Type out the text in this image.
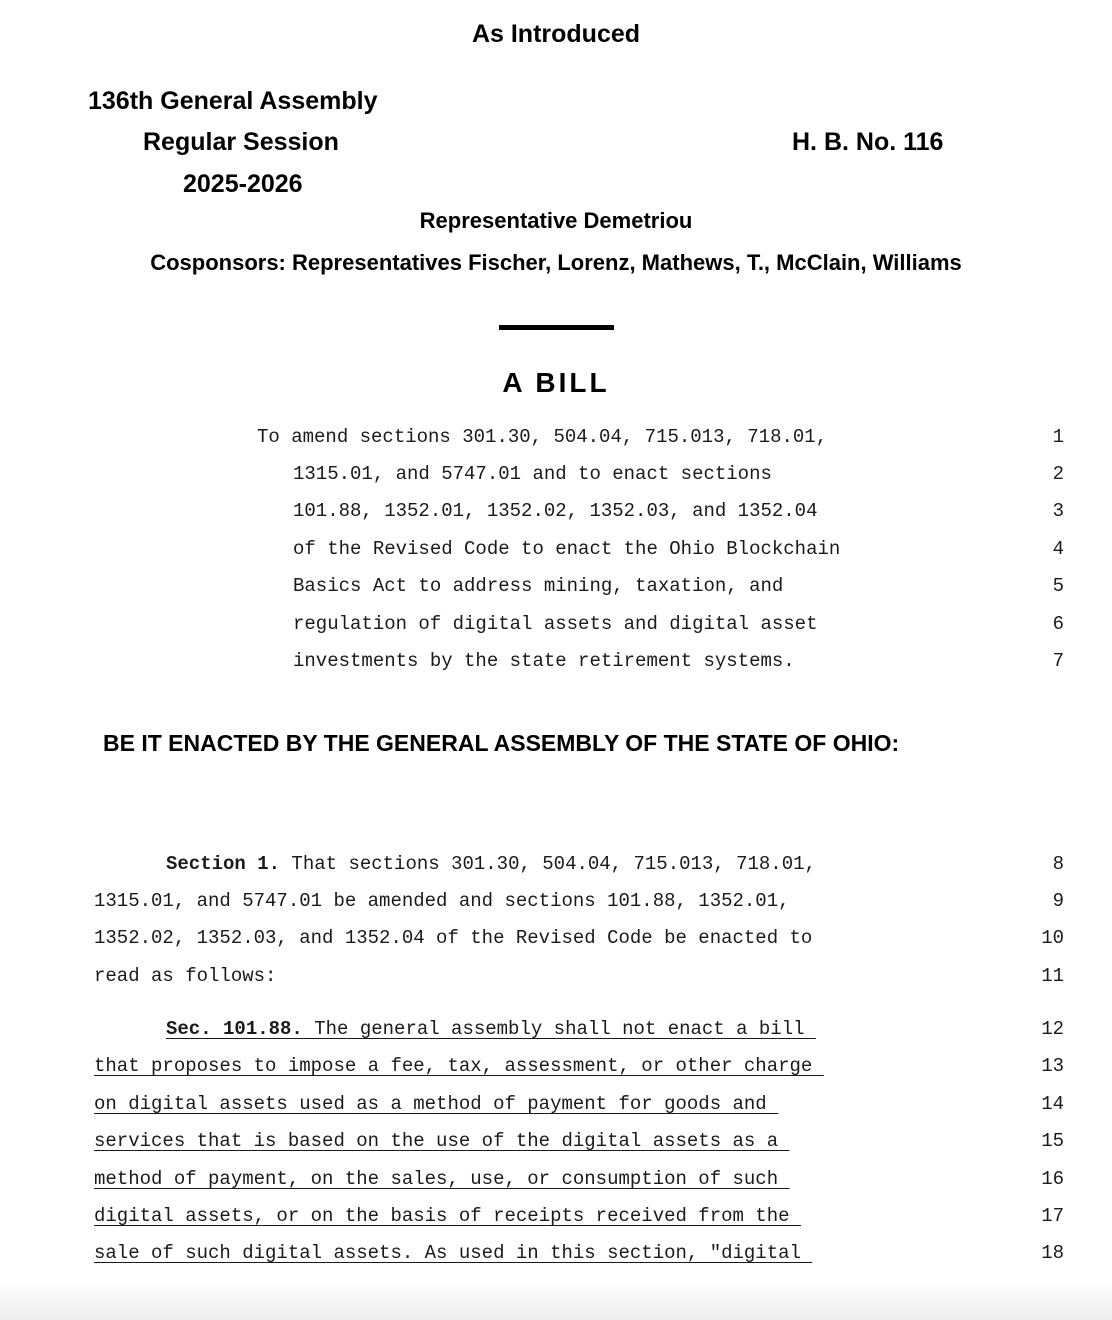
As Introduced
136th General Assembly
Regular Session
2025-2026
H. B. No. 116
Representative Demetriou
Cosponsors: Representatives Fischer, Lorenz, Mathews, T., McClain, Williams
A BILL
To amend sections 301.30, 504.04, 715.013, 718.01,	1
1315.01, and 5747.01 and to enact sections	2
101.88, 1352.01, 1352.02, 1352.03, and 1352.04	3
of the Revised Code to enact the Ohio Blockchain	4
Basics Act to address mining, taxation, and	5
regulation of digital assets and digital asset	6
investments by the state retirement systems.	7
BE IT ENACTED BY THE GENERAL ASSEMBLY OF THE STATE OF OHIO:
Section 1. That sections 301.30, 504.04, 715.013, 718.01,	8
1315.01, and 5747.01 be amended and sections 101.88, 1352.01,	9
1352.02, 1352.03, and 1352.04 of the Revised Code be enacted to	10
read as follows:	11
Sec. 101.88. The general assembly shall not enact a bill	12
that proposes to impose a fee, tax, assessment, or other charge	13
on digital assets used as a method of payment for goods and	14
services that is based on the use of the digital assets as a	15
method of payment, on the sales, use, or consumption of such	16
digital assets, or on the basis of receipts received from the	17
sale of such digital assets. As used in this section, "digital	18
